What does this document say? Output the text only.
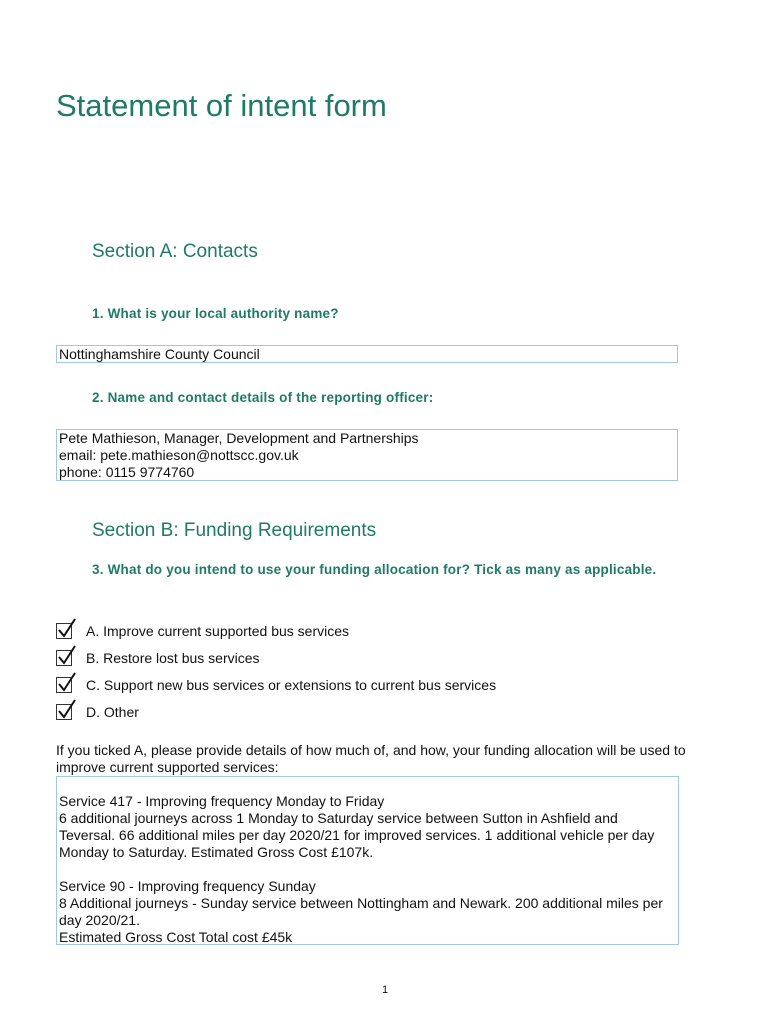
Statement of intent form
Section A: Contacts

1. What is your local authority name?

Nottinghamshire County Council

2. Name and contact details of the reporting officer:

Pete Mathieson, Manager, Development and Partnerships
email: pete.mathieson@nottscc.gov.uk
phone: 0115 9774760
Section B: Funding Requirements

3. What do you intend to use your funding allocation for? Tick as many as applicable.

A. Improve current supported bus services
B. Restore lost bus services
C. Support new bus services or extensions to current bus services
D. Other

If you ticked A, please provide details of how much of, and how, your funding allocation will be used to improve current supported services:

Service 417 - Improving frequency Monday to Friday
6 additional journeys across 1 Monday to Saturday service between Sutton in Ashfield and Teversal. 66 additional miles per day 2020/21 for improved services. 1 additional vehicle per day Monday to Saturday. Estimated Gross Cost £107k.

Service 90 - Improving frequency Sunday
8 Additional journeys - Sunday service between Nottingham and Newark. 200 additional miles per day 2020/21.
Estimated Gross Cost Total cost £45k
1
